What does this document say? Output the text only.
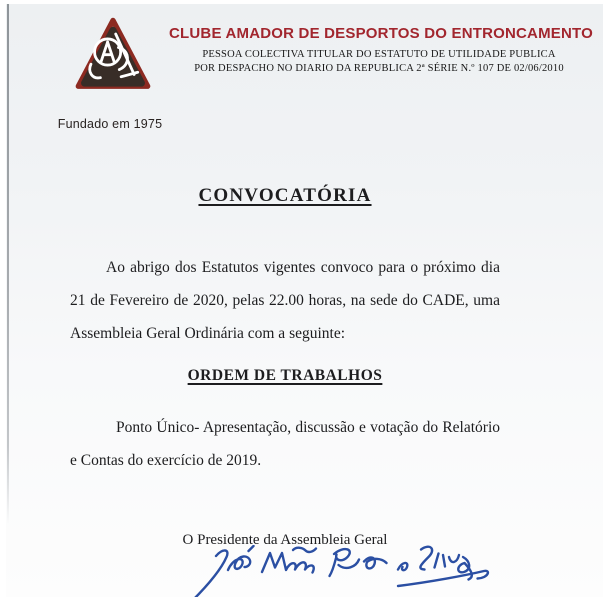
Fundado em 1975
CLUBE AMADOR DE DESPORTOS DO ENTRONCAMENTO
PESSOA COLECTIVA TITULAR DO ESTATUTO DE UTILIDADE PUBLICA
POR DESPACHO NO DIARIO DA REPUBLICA 2ª SÉRIE N.º 107 DE 02/06/2010
CONVOCATÓRIA

Ao abrigo dos Estatutos vigentes convoco para o próximo dia 21 de Fevereiro de 2020, pelas 22.00 horas, na sede do CADE, uma Assembleia Geral Ordinária com a seguinte:

ORDEM DE TRABALHOS

Ponto Único- Apresentação, discussão e votação do Relatório e Contas do exercício de 2019.

O Presidente da Assembleia Geral
